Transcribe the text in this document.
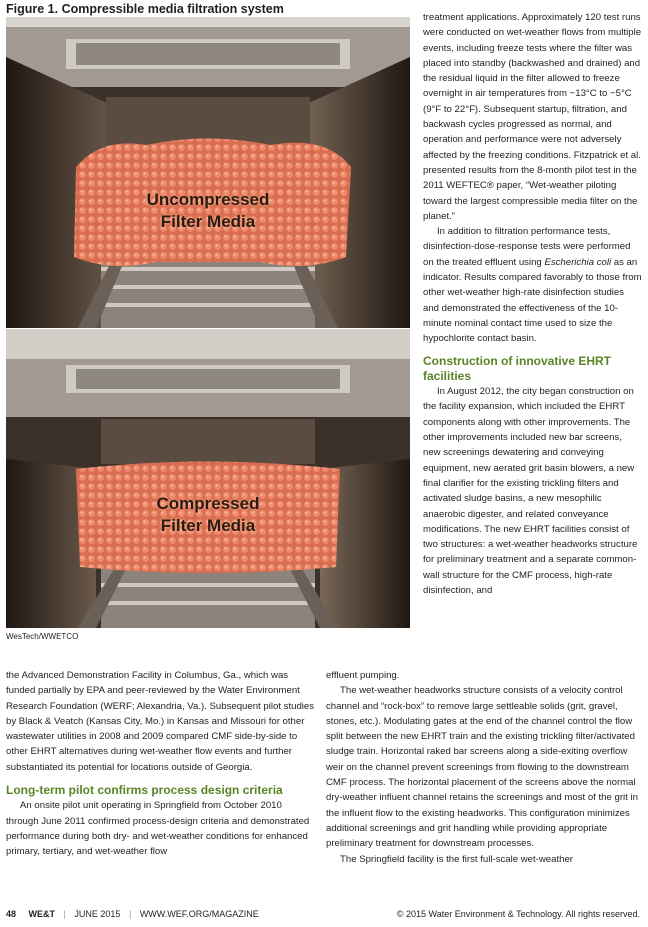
Figure 1. Compressible media filtration system
Uncompressed
Filter Media
Compressed
Filter Media
WesTech/WWETCO

treatment applications. Approximately 120 test runs were conducted on wet-weather flows from multiple events, including freeze tests where the filter was placed into standby (backwashed and drained) and the residual liquid in the filter allowed to freeze overnight in air temperatures from −13°C to −5°C (9°F to 22°F). Subsequent startup, filtration, and backwash cycles progressed as normal, and operation and performance were not adversely affected by the freezing conditions. Fitzpatrick et al. presented results from the 8-month pilot test in the 2011 WEFTEC® paper, “Wet-weather piloting toward the largest compressible media filter on the planet.”

In addition to filtration performance tests, disinfection-dose-response tests were performed on the treated effluent using Escherichia coli as an indicator. Results compared favorably to those from other wet-weather high-rate disinfection studies and demonstrated the effectiveness of the 10-minute nominal contact time used to size the hypochlorite contact basin.

Construction of innovative EHRT facilities

In August 2012, the city began construction on the facility expansion, which included the EHRT components along with other improvements. The other improvements included new bar screens, new screenings dewatering and conveying equipment, new aerated grit basin blowers, a new final clarifier for the existing trickling filters and activated sludge basins, a new mesophilic anaerobic digester, and related conveyance modifications. The new EHRT facilities consist of two structures: a wet-weather headworks structure for preliminary treatment and a separate common-wall structure for the CMF process, high-rate disinfection, and

the Advanced Demonstration Facility in Columbus, Ga., which was funded partially by EPA and peer-reviewed by the Water Environment Research Foundation (WERF; Alexandria, Va.). Subsequent pilot studies by Black & Veatch (Kansas City, Mo.) in Kansas and Missouri for other wastewater utilities in 2008 and 2009 compared CMF side-by-side to other EHRT alternatives during wet-weather flow events and further substantiated its potential for locations outside of Georgia.

Long-term pilot confirms process design criteria

An onsite pilot unit operating in Springfield from October 2010 through June 2011 confirmed process-design criteria and demonstrated performance during both dry- and wet-weather conditions for enhanced primary, tertiary, and wet-weather flow

effluent pumping.

The wet-weather headworks structure consists of a velocity control channel and “rock-box” to remove large settleable solids (grit, gravel, stones, etc.). Modulating gates at the end of the channel control the flow split between the new EHRT train and the existing trickling filter/activated sludge train. Horizontal raked bar screens along a side-exiting overflow weir on the channel prevent screenings from flowing to the downstream CMF process. The horizontal placement of the screens above the normal dry-weather influent channel retains the screenings and most of the grit in the influent flow to the existing headworks. This configuration minimizes additional screenings and grit handling while providing appropriate preliminary treatment for downstream processes.

The Springfield facility is the first full-scale wet-weather

48 WE&T | JUNE 2015 | WWW.WEF.ORG/MAGAZINE	© 2015 Water Environment & Technology. All rights reserved.
